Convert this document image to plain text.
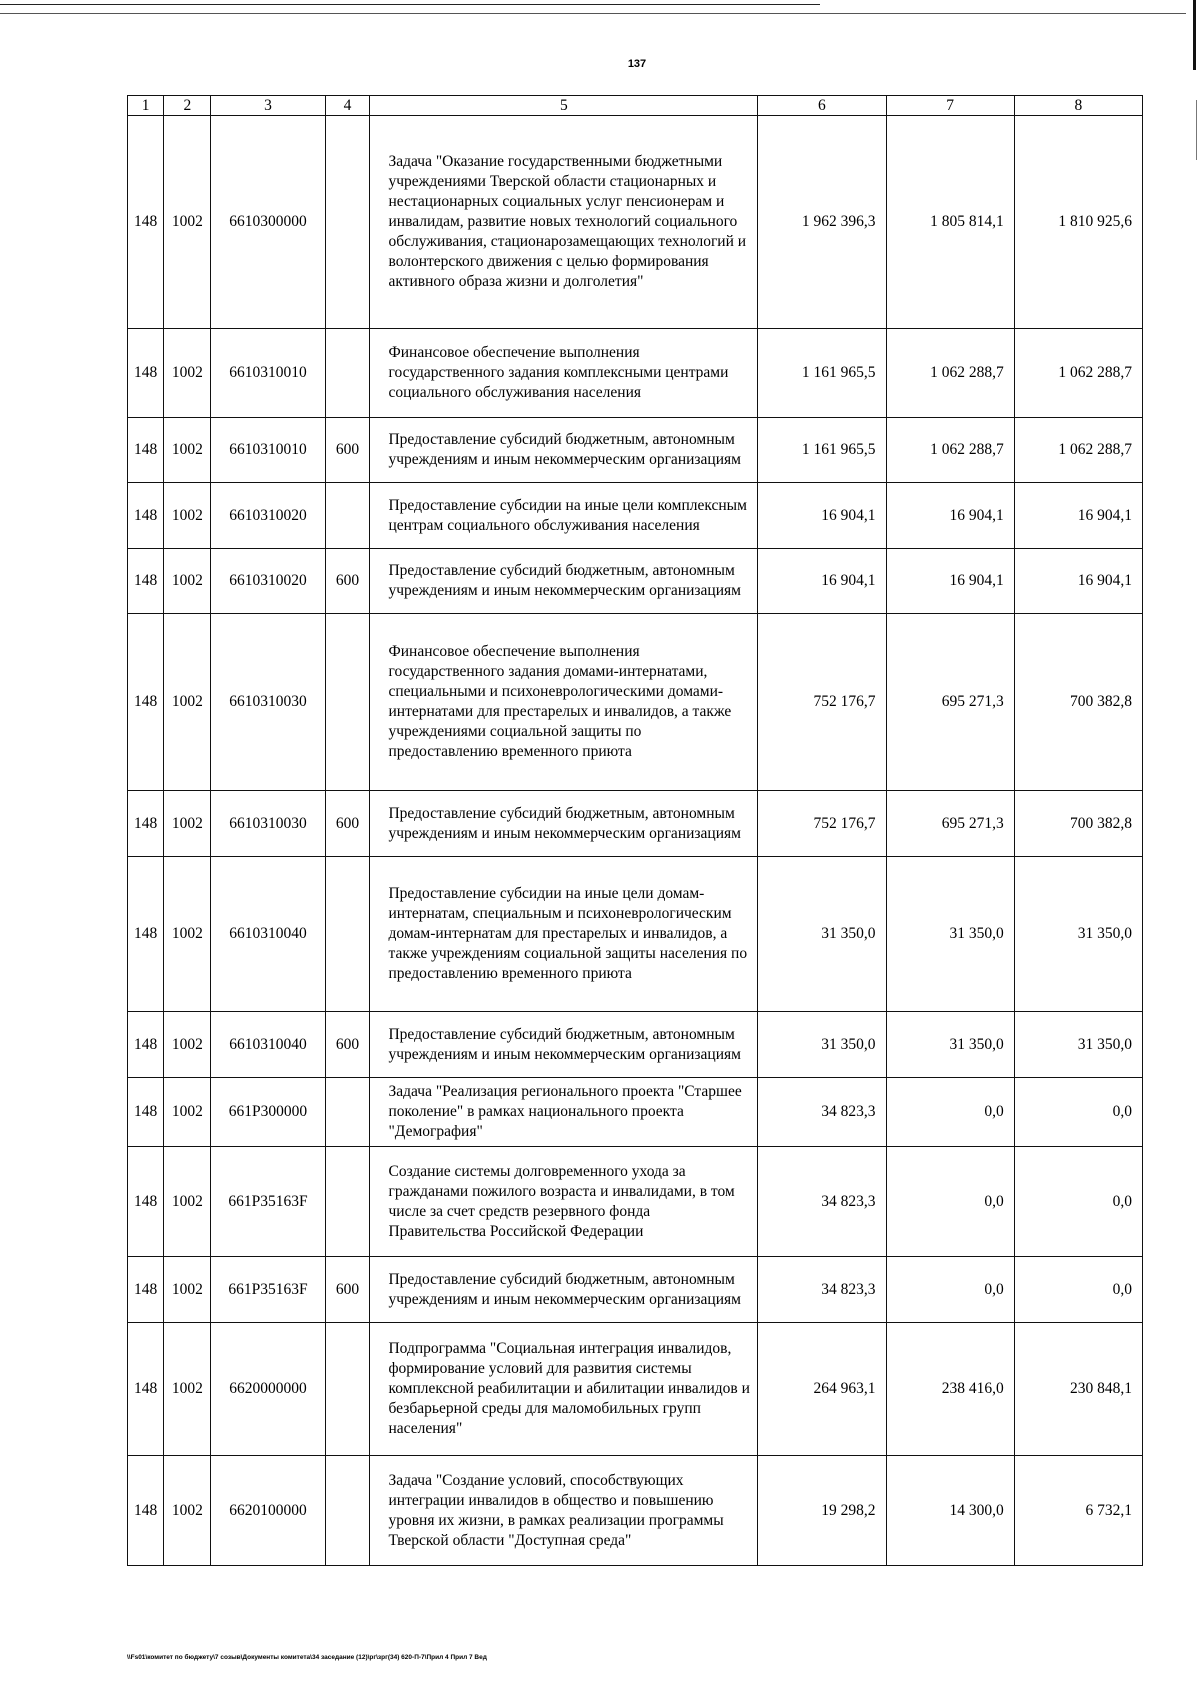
137
1	2	3	4	5	6	7	8
148	1002	6610300000		Задача "Оказание государственными бюджетными учреждениями Тверской области стационарных и нестационарных социальных услуг пенсионерам и инвалидам, развитие новых технологий социального обслуживания, стационарозамещающих технологий и волонтерского движения с целью формирования активного образа жизни и долголетия"	1 962 396,3	1 805 814,1	1 810 925,6
148	1002	6610310010		Финансовое обеспечение выполнения государственного задания комплексными центрами социального обслуживания населения	1 161 965,5	1 062 288,7	1 062 288,7
148	1002	6610310010	600	Предоставление субсидий бюджетным, автономным учреждениям и иным некоммерческим организациям	1 161 965,5	1 062 288,7	1 062 288,7
148	1002	6610310020		Предоставление субсидии на иные цели комплексным центрам социального обслуживания населения	16 904,1	16 904,1	16 904,1
148	1002	6610310020	600	Предоставление субсидий бюджетным, автономным учреждениям и иным некоммерческим организациям	16 904,1	16 904,1	16 904,1
148	1002	6610310030		Финансовое обеспечение выполнения государственного задания домами-интернатами, специальными и психоневрологическими домами-интернатами для престарелых и инвалидов, а также учреждениями социальной защиты по предоставлению временного приюта	752 176,7	695 271,3	700 382,8
148	1002	6610310030	600	Предоставление субсидий бюджетным, автономным учреждениям и иным некоммерческим организациям	752 176,7	695 271,3	700 382,8
148	1002	6610310040		Предоставление субсидии на иные цели домам-интернатам, специальным и психоневрологическим домам-интернатам для престарелых и инвалидов, а также учреждениям социальной защиты населения по предоставлению временного приюта	31 350,0	31 350,0	31 350,0
148	1002	6610310040	600	Предоставление субсидий бюджетным, автономным учреждениям и иным некоммерческим организациям	31 350,0	31 350,0	31 350,0
148	1002	661P300000		Задача "Реализация регионального проекта "Старшее поколение" в рамках национального проекта "Демография"	34 823,3	0,0	0,0
148	1002	661P35163F		Создание системы долговременного ухода за гражданами пожилого возраста и инвалидами, в том числе за счет средств резервного фонда Правительства Российской Федерации	34 823,3	0,0	0,0
148	1002	661P35163F	600	Предоставление субсидий бюджетным, автономным учреждениям и иным некоммерческим организациям	34 823,3	0,0	0,0
148	1002	6620000000		Подпрограмма "Социальная интеграция инвалидов, формирование условий для развития системы комплексной реабилитации и абилитации инвалидов и безбарьерной среды для маломобильных групп населения"	264 963,1	238 416,0	230 848,1
148	1002	6620100000		Задача "Создание условий, способствующих интеграции инвалидов в общество и повышению уровня их жизни, в рамках реализации программы Тверской области "Доступная среда"	19 298,2	14 300,0	6 732,1
\\Fs01\комитет по бюджету\7 созыв\Документы комитета\34 заседание (12)\рг\зрг(34) 620-П-7\Прил 4 Прил 7 Вед
